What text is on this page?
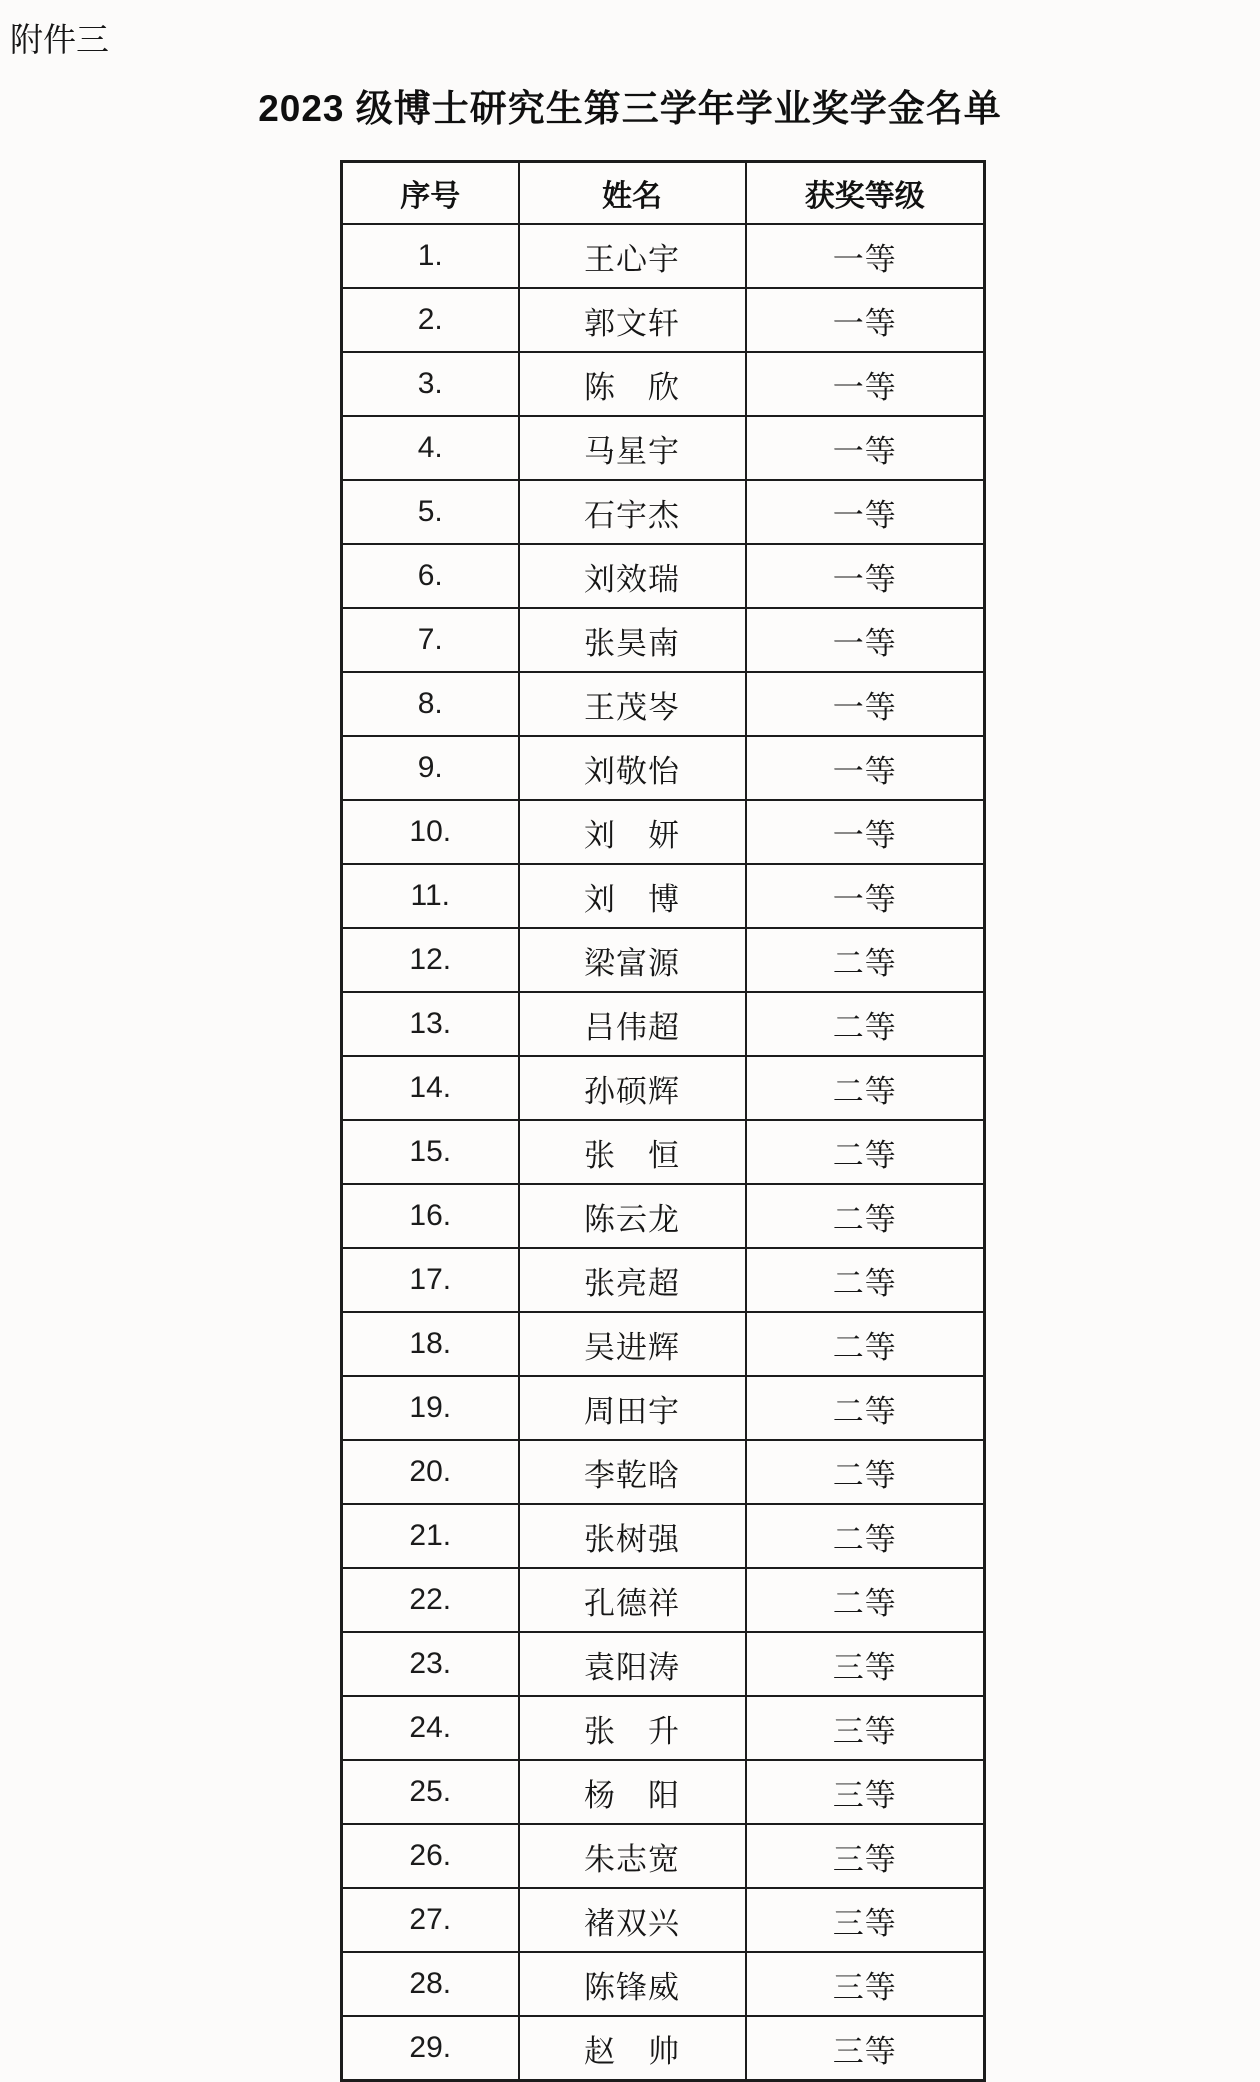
附件三
2023 级博士研究生第三学年学业奖学金名单
序号	姓名	获奖等级
1.	王心宇	一等
2.	郭文轩	一等
3.	陈　欣	一等
4.	马星宇	一等
5.	石宇杰	一等
6.	刘效瑞	一等
7.	张昊南	一等
8.	王茂岑	一等
9.	刘敬怡	一等
10.	刘　妍	一等
11.	刘　博	一等
12.	梁富源	二等
13.	吕伟超	二等
14.	孙硕辉	二等
15.	张　恒	二等
16.	陈云龙	二等
17.	张亮超	二等
18.	吴进辉	二等
19.	周田宇	二等
20.	李乾晗	二等
21.	张树强	二等
22.	孔德祥	二等
23.	袁阳涛	三等
24.	张　升	三等
25.	杨　阳	三等
26.	朱志宽	三等
27.	褚双兴	三等
28.	陈锋威	三等
29.	赵　帅	三等
